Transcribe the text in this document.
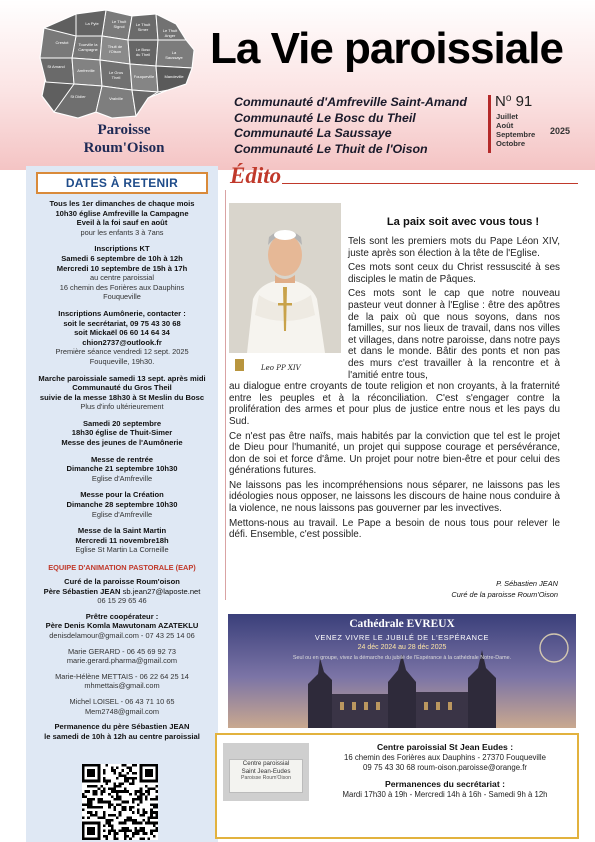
Le Thuit
Signol	Le Thuit
Simer	Le Thuit
Anger
Tourville la
Campagne
Thuit de
l'Oison	Le Bosc
du Theil	La
Saussaye
St Amand
Amfreville	Le Gros
Theil	Fouqueville	Mandeville
St Didier	Vraiville
Crestot
La Pyle
Paroisse
Roum'Oison
La Vie paroissiale
Communauté d'Amfreville Saint-Amand
Communauté Le Bosc du Theil
Communauté La Saussaye
Communauté Le Thuit de l'Oison
$N^o$ 91
Juillet
Août
Septembre
Octobre
2025
DATES À RETENIR
Tous les 1er dimanches de chaque mois
10h30 église Amfreville la Campagne
Eveil à la foi sauf en août
pour les enfants 3 à 7ans
Inscriptions KT
Samedi 6 septembre de 10h à 12h
Mercredi 10 septembre de 15h à 17h
au centre paroissial
16 chemin des Forières aux Dauphins
Fouqueville
Inscriptions Aumônerie, contacter :
soit le secrétariat, 09 75 43 30 68
soit Mickaël 06 60 14 64 34
chion2737@outlook.fr
Première séance vendredi 12 sept. 2025
Fouqueville, 19h30.
Marche paroissiale samedi 13 sept. après midi
Communauté du Gros Theil
suivie de la messe 18h30 à St Meslin du Bosc
Plus d'info ultérieurement
Samedi 20 septembre
18h30 église de Thuit-Simer
Messe des jeunes de l'Aumônerie
Messe de rentrée
Dimanche 21 septembre 10h30
Eglise d'Amfreville
Messe pour la Création
Dimanche 28 septembre 10h30
Eglise d'Amfreville
Messe de la Saint Martin
Mercredi 11 novembre18h
Eglise St Martin La Corneille
EQUIPE D'ANIMATION PASTORALE (EAP)
Curé de la paroisse Roum'oison
Père Sébastien JEAN sb.jean27@laposte.net
06 15 29 65 46
Prêtre coopérateur :
Père Denis Komla Mawutonam AZATEKLU
denisdelamour@gmail.com - 07 43 25 14 06
Marie GERARD - 06 45 69 92 73
marie.gerard.pharma@gmail.com
Marie-Hélène METTAIS - 06 22 64 25 14
mhmettais@gmail.com
Michel LOISEL - 06 43 71 10 65
Mem2748@gmail.com
Permanence du père Sébastien JEAN
le samedi de 10h à 12h au centre paroissial
Édito
Leo PP XIV
La paix soit avec vous tous !

Tels sont les premiers mots du Pape Léon XIV, juste après son élection à la tête de l'Eglise.

Ces mots sont ceux du Christ ressuscité à ses disciples le matin de Pâques.

Ces mots sont le cap que notre nouveau pasteur veut donner à l'Eglise : être des apôtres de la paix où que nous soyons, dans nos familles, sur nos lieux de travail, dans nos villes et villages, dans notre paroisse, dans notre pays et dans le monde. Bâtir des ponts et non pas des murs c'est travailler à la rencontre et à l'amitié entre tous,
au dialogue entre croyants de toute religion et non croyants, à la fraternité entre les peuples et à la réconciliation. C'est s'engager contre la prolifération des armes et pour plus de justice entre nous et les pays du Sud.

Ce n'est pas être naïfs, mais habités par la conviction que tel est le projet de Dieu pour l'humanité, un projet qui suppose courage et persévérance, don de soi et force d'âme. Un projet pour notre bien-être et pour celui des générations futures.

Ne laissons pas les incompréhensions nous séparer, ne laissons pas les idéologies nous opposer, ne laissons les discours de haine nous conduire à la violence, ne nous laissons pas gouverner par les invectives.

Mettons-nous au travail. Le Pape a besoin de nous tous pour relever le défi. Ensemble, c'est possible.

P. Sébastien JEAN
Curé de la paroisse Roum'Oison
Cathédrale EVREUX
VENEZ VIVRE LE JUBILÉ DE L'ESPÉRANCE
24 déc 2024 au 28 déc 2025
Seul ou en groupe, vivez la démarche du jubilé de l'Espérance à la cathédrale Notre-Dame.
Centre paroissial
Saint Jean-Eudes
Paroisse Roum'Oison
Centre paroissial St Jean Eudes :
16 chemin des Forières aux Dauphins - 27370 Fouqueville
09 75 43 30 68 roum-oison.paroisse@orange.fr
Permanences du secrétariat :
Mardi 17h30 à 19h - Mercredi 14h à 16h - Samedi 9h à 12h
